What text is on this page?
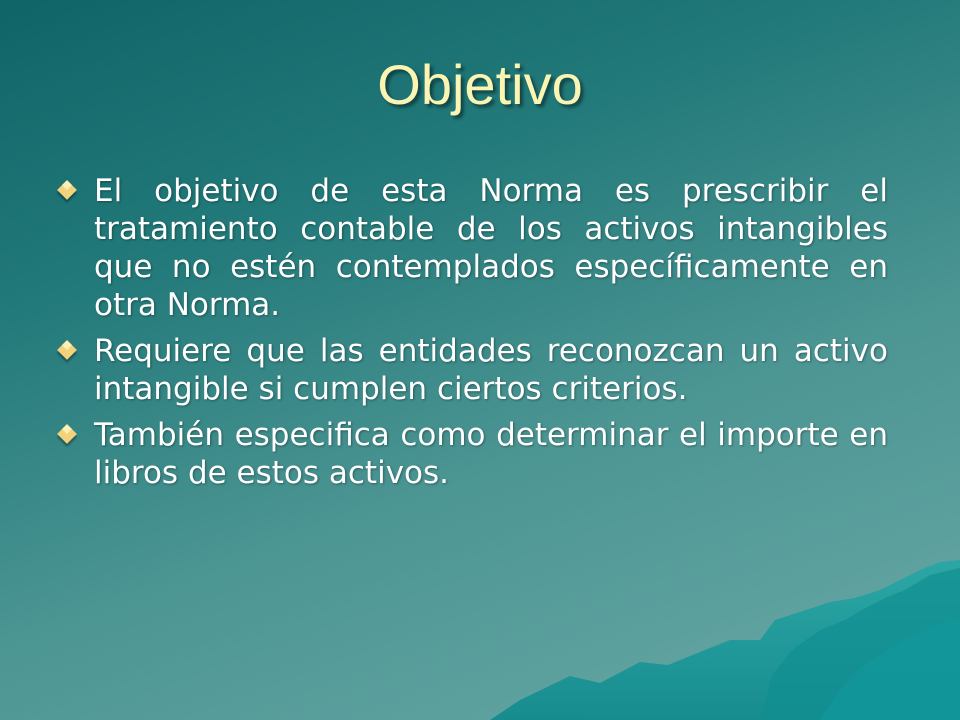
Objetivo
El objetivo de esta Norma es prescribir el tratamiento contable de los activos intangibles que no estén contemplados específicamente en otra Norma.
Requiere que las entidades reconozcan un activo intangible si cumplen ciertos criterios.
También especifica como determinar el importe en libros de estos activos.
